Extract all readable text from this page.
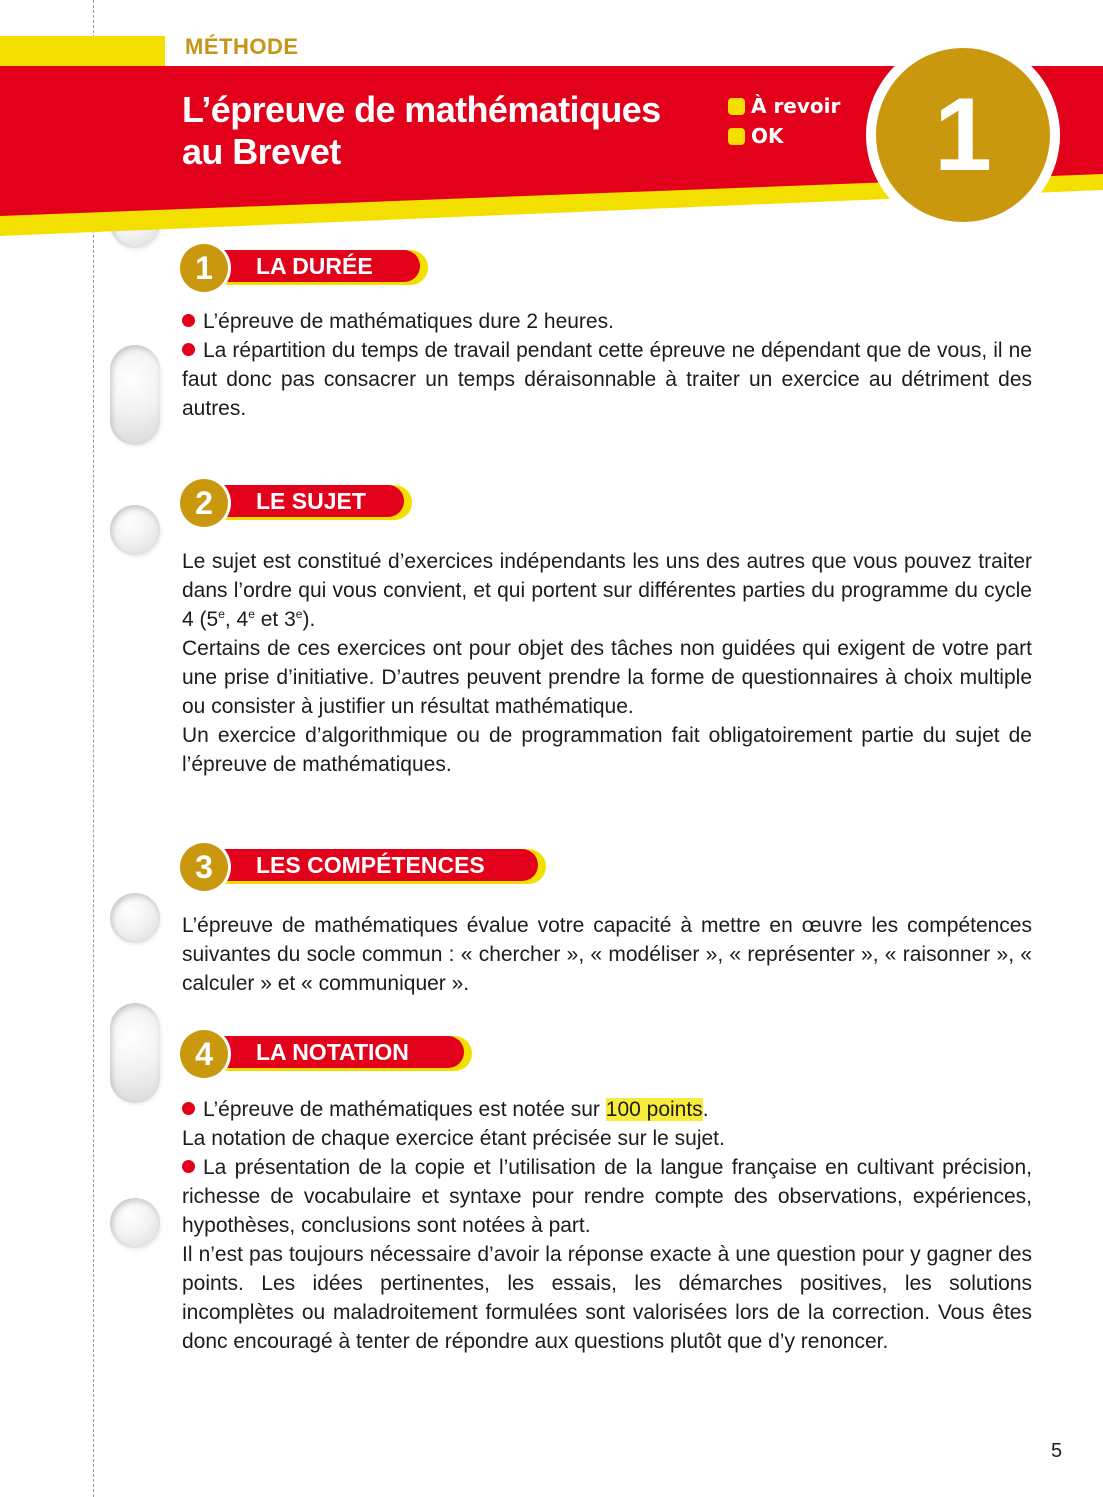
MÉTHODE
L’épreuve de mathématiques
au Brevet
À revoir
OK	1
1	LA DURÉE

L’épreuve de mathématiques dure 2 heures.

La répartition du temps de travail pendant cette épreuve ne dépendant que de vous, il ne faut donc pas consacrer un temps déraisonnable à traiter un exercice au détriment des autres.

2	LE SUJET

Le sujet est constitué d’exercices indépendants les uns des autres que vous pouvez traiter dans l’ordre qui vous convient, et qui portent sur différentes parties du programme du cycle 4 (5e, 4e et 3e).

Certains de ces exercices ont pour objet des tâches non guidées qui exigent de votre part une prise d’initiative. D’autres peuvent prendre la forme de questionnaires à choix multiple ou consister à justifier un résultat mathématique.

Un exercice d’algorithmique ou de programmation fait obligatoirement partie du sujet de l’épreuve de mathématiques.

3	LES COMPÉTENCES

L’épreuve de mathématiques évalue votre capacité à mettre en œuvre les compétences suivantes du socle commun : « chercher », « modéliser », « représenter », « raisonner », « calculer » et « communiquer ».

4	LA NOTATION

L’épreuve de mathématiques est notée sur 100 points.

La notation de chaque exercice étant précisée sur le sujet.

La présentation de la copie et l’utilisation de la langue française en cultivant précision, richesse de vocabulaire et syntaxe pour rendre compte des observations, expériences, hypothèses, conclusions sont notées à part.

Il n’est pas toujours nécessaire d’avoir la réponse exacte à une question pour y gagner des points. Les idées pertinentes, les essais, les démarches positives, les solutions incomplètes ou maladroitement formulées sont valorisées lors de la correction. Vous êtes donc encouragé à tenter de répondre aux questions plutôt que d’y renoncer.

5
